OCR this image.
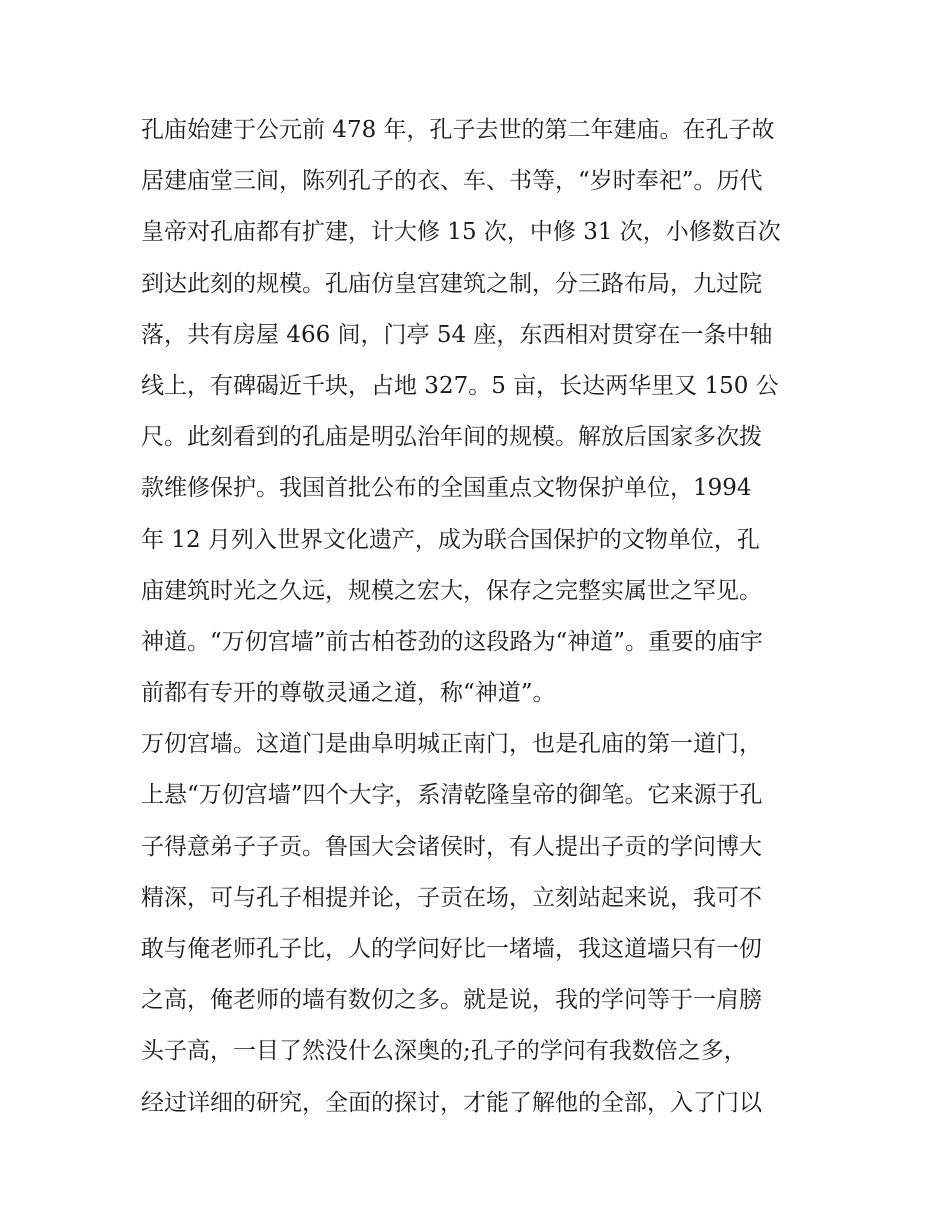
孔庙始建于公元前 478 年，孔子去世的第二年建庙。在孔子故
居建庙堂三间，陈列孔子的衣、车、书等，“岁时奉祀”。历代
皇帝对孔庙都有扩建，计大修 15 次，中修 31 次，小修数百次
到达此刻的规模。孔庙仿皇宫建筑之制，分三路布局，九过院
落，共有房屋 466 间，门亭 54 座，东西相对贯穿在一条中轴
线上，有碑碣近千块，占地 327。5 亩，长达两华里又 150 公
尺。此刻看到的孔庙是明弘治年间的规模。解放后国家多次拨
款维修保护。我国首批公布的全国重点文物保护单位，1994
年 12 月列入世界文化遗产，成为联合国保护的文物单位，孔
庙建筑时光之久远，规模之宏大，保存之完整实属世之罕见。
神道。“万仞宫墙”前古柏苍劲的这段路为“神道”。重要的庙宇
前都有专开的尊敬灵通之道，称“神道”。
万仞宫墙。这道门是曲阜明城正南门，也是孔庙的第一道门，
上悬“万仞宫墙”四个大字，系清乾隆皇帝的御笔。它来源于孔
子得意弟子子贡。鲁国大会诸侯时，有人提出子贡的学问博大
精深，可与孔子相提并论，子贡在场，立刻站起来说，我可不
敢与俺老师孔子比，人的学问好比一堵墙，我这道墙只有一仞
之高，俺老师的墙有数仞之多。就是说，我的学问等于一肩膀
头子高，一目了然没什么深奥的;孔子的学问有我数倍之多，
经过详细的研究，全面的探讨，才能了解他的全部，入了门以
